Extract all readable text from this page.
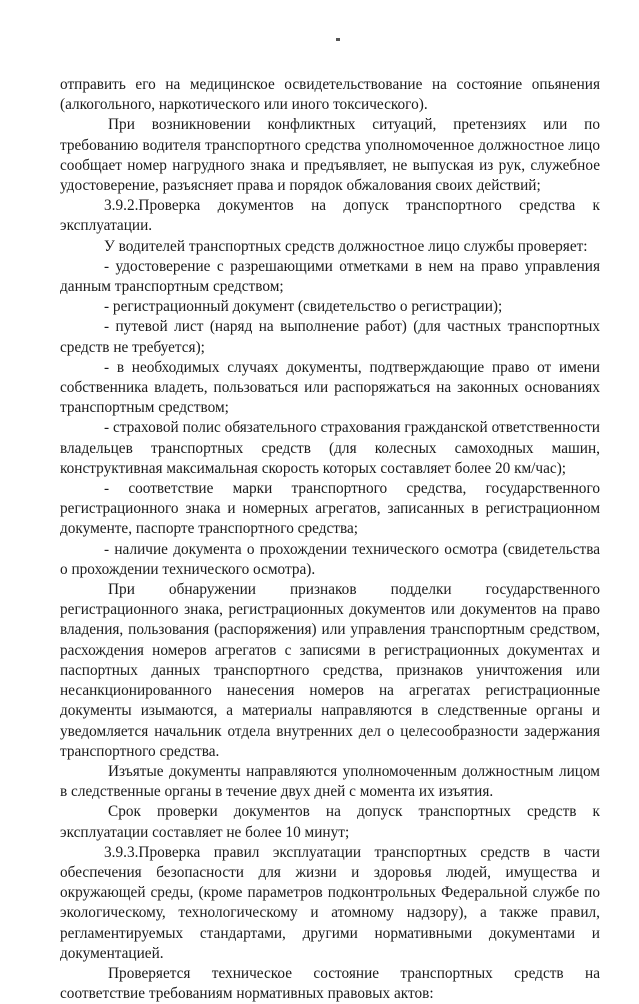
отправить его на медицинское освидетельствование на состояние опьянения (алкогольного, наркотического или иного токсического).

При возникновении конфликтных ситуаций, претензиях или по требованию водителя транспортного средства уполномоченное должностное лицо сообщает номер нагрудного знака и предъявляет, не выпуская из рук, служебное удостоверение, разъясняет права и порядок обжалования своих действий;

3.9.2.Проверка документов на допуск транспортного средства к эксплуатации.

У водителей транспортных средств должностное лицо службы проверяет:

- удостоверение с разрешающими отметками в нем на право управления данным транспортным средством;

- регистрационный документ (свидетельство о регистрации);

- путевой лист (наряд на выполнение работ) (для частных транспортных средств не требуется);

- в необходимых случаях документы, подтверждающие право от имени собственника владеть, пользоваться или распоряжаться на законных основаниях транспортным средством;

- страховой полис обязательного страхования гражданской ответственности владельцев транспортных средств (для колесных самоходных машин, конструктивная максимальная скорость которых составляет более 20 км/час);

- соответствие марки транспортного средства, государственного регистрационного знака и номерных агрегатов, записанных в регистрационном документе, паспорте транспортного средства;

- наличие документа о прохождении технического осмотра (свидетельства о прохождении технического осмотра).

При обнаружении признаков подделки государственного регистрационного знака, регистрационных документов или документов на право владения, пользования (распоряжения) или управления транспортным средством, расхождения номеров агрегатов с записями в регистрационных документах и паспортных данных транспортного средства, признаков уничтожения или несанкционированного нанесения номеров на агрегатах регистрационные документы изымаются, а материалы направляются в следственные органы и уведомляется начальник отдела внутренних дел о целесообразности задержания транспортного средства.

Изъятые документы направляются уполномоченным должностным лицом в следственные органы в течение двух дней с момента их изъятия.

Срок проверки документов на допуск транспортных средств к эксплуатации составляет не более 10 минут;

3.9.3.Проверка правил эксплуатации транспортных средств в части обеспечения безопасности для жизни и здоровья людей, имущества и окружающей среды, (кроме параметров подконтрольных Федеральной службе по экологическому, технологическому и атомному надзору), а также правил, регламентируемых стандартами, другими нормативными документами и документацией.

Проверяется техническое состояние транспортных средств на соответствие требованиям нормативных правовых актов:
